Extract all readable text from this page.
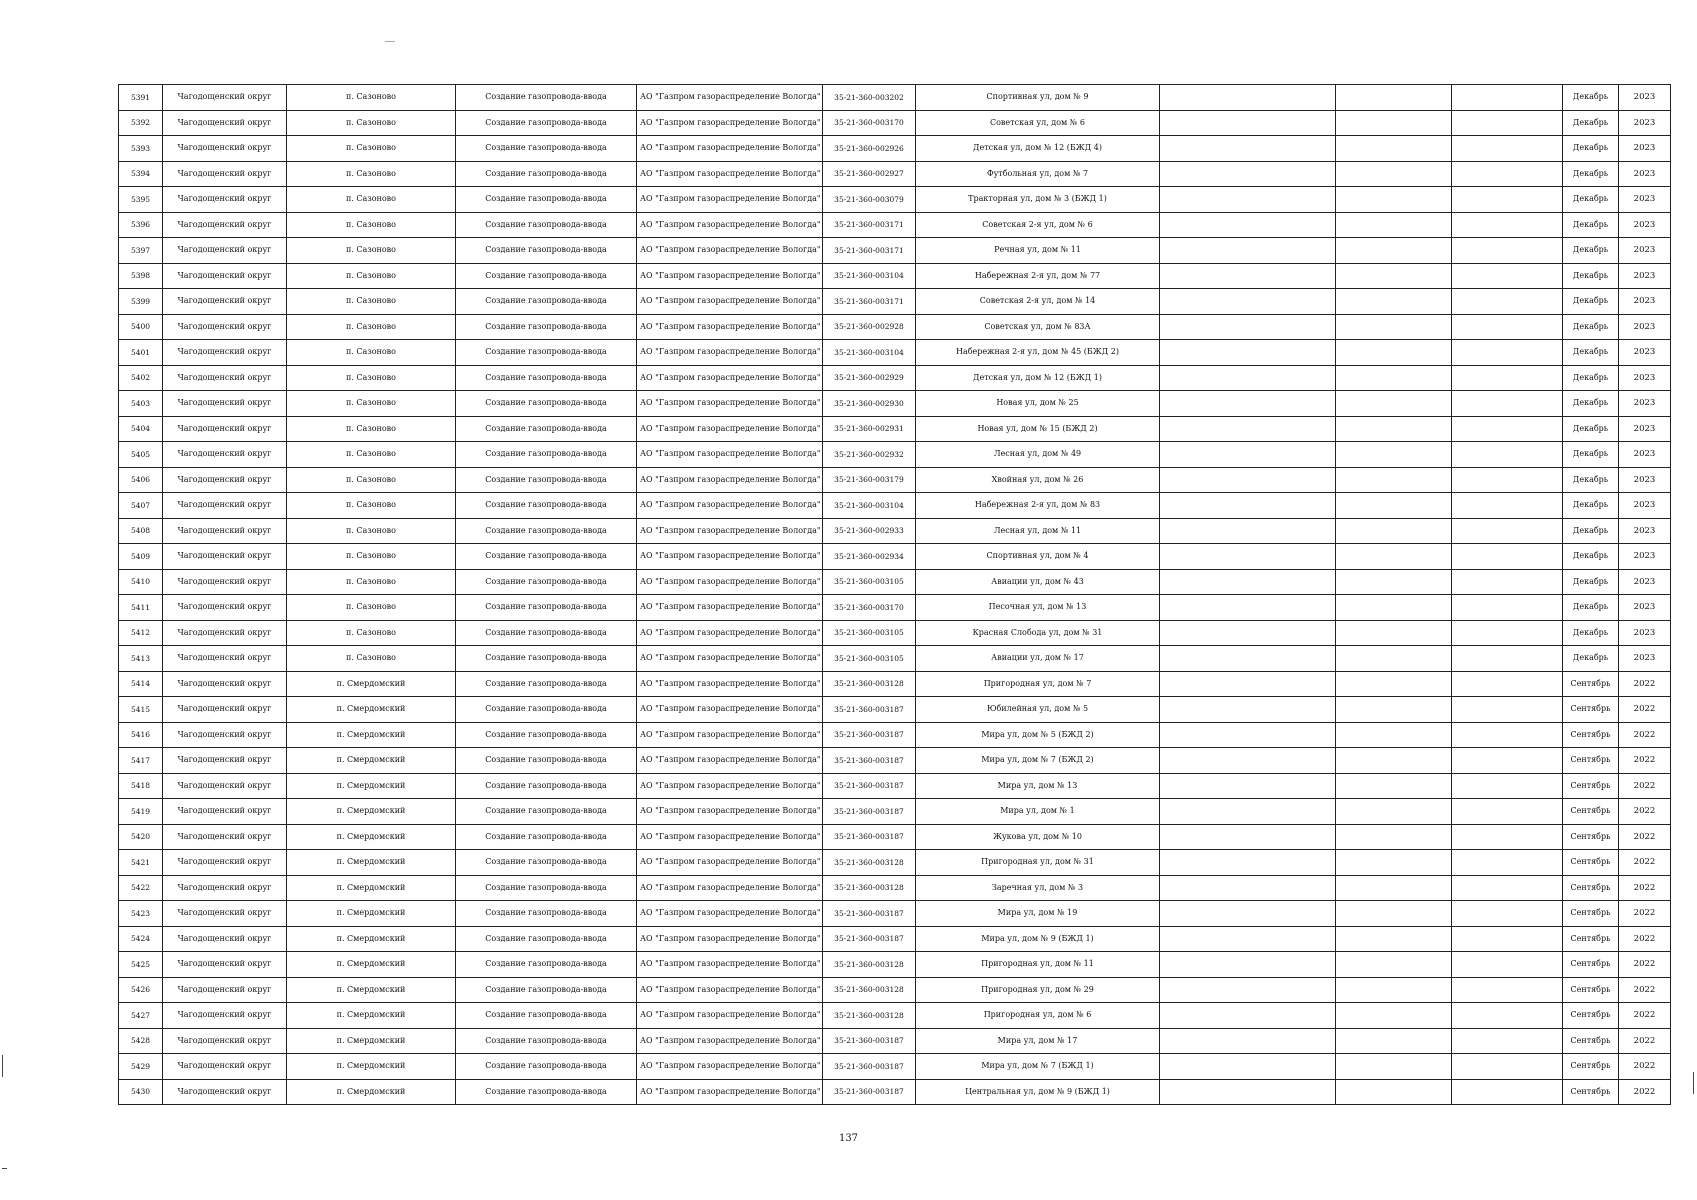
5391	Чагодощенский округ	п. Сазоново	Создание газопровода-ввода	АО "Газпром газораспределение Вологда"	35-21-360-003202	Спортивная ул, дом № 9				Декабрь	2023
5392	Чагодощенский округ	п. Сазоново	Создание газопровода-ввода	АО "Газпром газораспределение Вологда"	35-21-360-003170	Советская ул, дом № 6				Декабрь	2023
5393	Чагодощенский округ	п. Сазоново	Создание газопровода-ввода	АО "Газпром газораспределение Вологда"	35-21-360-002926	Детская ул, дом № 12 (БЖД 4)				Декабрь	2023
5394	Чагодощенский округ	п. Сазоново	Создание газопровода-ввода	АО "Газпром газораспределение Вологда"	35-21-360-002927	Футбольная ул, дом № 7				Декабрь	2023
5395	Чагодощенский округ	п. Сазоново	Создание газопровода-ввода	АО "Газпром газораспределение Вологда"	35-21-360-003079	Тракторная ул, дом № 3 (БЖД 1)				Декабрь	2023
5396	Чагодощенский округ	п. Сазоново	Создание газопровода-ввода	АО "Газпром газораспределение Вологда"	35-21-360-003171	Советская 2-я ул, дом № 6				Декабрь	2023
5397	Чагодощенский округ	п. Сазоново	Создание газопровода-ввода	АО "Газпром газораспределение Вологда"	35-21-360-003171	Речная ул, дом № 11				Декабрь	2023
5398	Чагодощенский округ	п. Сазоново	Создание газопровода-ввода	АО "Газпром газораспределение Вологда"	35-21-360-003104	Набережная 2-я ул, дом № 77				Декабрь	2023
5399	Чагодощенский округ	п. Сазоново	Создание газопровода-ввода	АО "Газпром газораспределение Вологда"	35-21-360-003171	Советская 2-я ул, дом № 14				Декабрь	2023
5400	Чагодощенский округ	п. Сазоново	Создание газопровода-ввода	АО "Газпром газораспределение Вологда"	35-21-360-002928	Советская ул, дом № 83А				Декабрь	2023
5401	Чагодощенский округ	п. Сазоново	Создание газопровода-ввода	АО "Газпром газораспределение Вологда"	35-21-360-003104	Набережная 2-я ул, дом № 45 (БЖД 2)				Декабрь	2023
5402	Чагодощенский округ	п. Сазоново	Создание газопровода-ввода	АО "Газпром газораспределение Вологда"	35-21-360-002929	Детская ул, дом № 12 (БЖД 1)				Декабрь	2023
5403	Чагодощенский округ	п. Сазоново	Создание газопровода-ввода	АО "Газпром газораспределение Вологда"	35-21-360-002930	Новая ул, дом № 25				Декабрь	2023
5404	Чагодощенский округ	п. Сазоново	Создание газопровода-ввода	АО "Газпром газораспределение Вологда"	35-21-360-002931	Новая ул, дом № 15 (БЖД 2)				Декабрь	2023
5405	Чагодощенский округ	п. Сазоново	Создание газопровода-ввода	АО "Газпром газораспределение Вологда"	35-21-360-002932	Лесная ул, дом № 49				Декабрь	2023
5406	Чагодощенский округ	п. Сазоново	Создание газопровода-ввода	АО "Газпром газораспределение Вологда"	35-21-360-003179	Хвойная ул, дом № 26				Декабрь	2023
5407	Чагодощенский округ	п. Сазоново	Создание газопровода-ввода	АО "Газпром газораспределение Вологда"	35-21-360-003104	Набережная 2-я ул, дом № 83				Декабрь	2023
5408	Чагодощенский округ	п. Сазоново	Создание газопровода-ввода	АО "Газпром газораспределение Вологда"	35-21-360-002933	Лесная ул, дом № 11				Декабрь	2023
5409	Чагодощенский округ	п. Сазоново	Создание газопровода-ввода	АО "Газпром газораспределение Вологда"	35-21-360-002934	Спортивная ул, дом № 4				Декабрь	2023
5410	Чагодощенский округ	п. Сазоново	Создание газопровода-ввода	АО "Газпром газораспределение Вологда"	35-21-360-003105	Авиации ул, дом № 43				Декабрь	2023
5411	Чагодощенский округ	п. Сазоново	Создание газопровода-ввода	АО "Газпром газораспределение Вологда"	35-21-360-003170	Песочная ул, дом № 13				Декабрь	2023
5412	Чагодощенский округ	п. Сазоново	Создание газопровода-ввода	АО "Газпром газораспределение Вологда"	35-21-360-003105	Красная Слобода ул, дом № 31				Декабрь	2023
5413	Чагодощенский округ	п. Сазоново	Создание газопровода-ввода	АО "Газпром газораспределение Вологда"	35-21-360-003105	Авиации ул, дом № 17				Декабрь	2023
5414	Чагодощенский округ	п. Смердомский	Создание газопровода-ввода	АО "Газпром газораспределение Вологда"	35-21-360-003128	Пригородная ул, дом № 7				Сентябрь	2022
5415	Чагодощенский округ	п. Смердомский	Создание газопровода-ввода	АО "Газпром газораспределение Вологда"	35-21-360-003187	Юбилейная ул, дом № 5				Сентябрь	2022
5416	Чагодощенский округ	п. Смердомский	Создание газопровода-ввода	АО "Газпром газораспределение Вологда"	35-21-360-003187	Мира ул, дом № 5 (БЖД 2)				Сентябрь	2022
5417	Чагодощенский округ	п. Смердомский	Создание газопровода-ввода	АО "Газпром газораспределение Вологда"	35-21-360-003187	Мира ул, дом № 7 (БЖД 2)				Сентябрь	2022
5418	Чагодощенский округ	п. Смердомский	Создание газопровода-ввода	АО "Газпром газораспределение Вологда"	35-21-360-003187	Мира ул, дом № 13				Сентябрь	2022
5419	Чагодощенский округ	п. Смердомский	Создание газопровода-ввода	АО "Газпром газораспределение Вологда"	35-21-360-003187	Мира ул, дом № 1				Сентябрь	2022
5420	Чагодощенский округ	п. Смердомский	Создание газопровода-ввода	АО "Газпром газораспределение Вологда"	35-21-360-003187	Жукова ул, дом № 10				Сентябрь	2022
5421	Чагодощенский округ	п. Смердомский	Создание газопровода-ввода	АО "Газпром газораспределение Вологда"	35-21-360-003128	Пригородная ул, дом № 31				Сентябрь	2022
5422	Чагодощенский округ	п. Смердомский	Создание газопровода-ввода	АО "Газпром газораспределение Вологда"	35-21-360-003128	Заречная ул, дом № 3				Сентябрь	2022
5423	Чагодощенский округ	п. Смердомский	Создание газопровода-ввода	АО "Газпром газораспределение Вологда"	35-21-360-003187	Мира ул, дом № 19				Сентябрь	2022
5424	Чагодощенский округ	п. Смердомский	Создание газопровода-ввода	АО "Газпром газораспределение Вологда"	35-21-360-003187	Мира ул, дом № 9 (БЖД 1)				Сентябрь	2022
5425	Чагодощенский округ	п. Смердомский	Создание газопровода-ввода	АО "Газпром газораспределение Вологда"	35-21-360-003128	Пригородная ул, дом № 11				Сентябрь	2022
5426	Чагодощенский округ	п. Смердомский	Создание газопровода-ввода	АО "Газпром газораспределение Вологда"	35-21-360-003128	Пригородная ул, дом № 29				Сентябрь	2022
5427	Чагодощенский округ	п. Смердомский	Создание газопровода-ввода	АО "Газпром газораспределение Вологда"	35-21-360-003128	Пригородная ул, дом № 6				Сентябрь	2022
5428	Чагодощенский округ	п. Смердомский	Создание газопровода-ввода	АО "Газпром газораспределение Вологда"	35-21-360-003187	Мира ул, дом № 17				Сентябрь	2022
5429	Чагодощенский округ	п. Смердомский	Создание газопровода-ввода	АО "Газпром газораспределение Вологда"	35-21-360-003187	Мира ул, дом № 7 (БЖД 1)				Сентябрь	2022
5430	Чагодощенский округ	п. Смердомский	Создание газопровода-ввода	АО "Газпром газораспределение Вологда"	35-21-360-003187	Центральная ул, дом № 9 (БЖД 1)				Сентябрь	2022
137
